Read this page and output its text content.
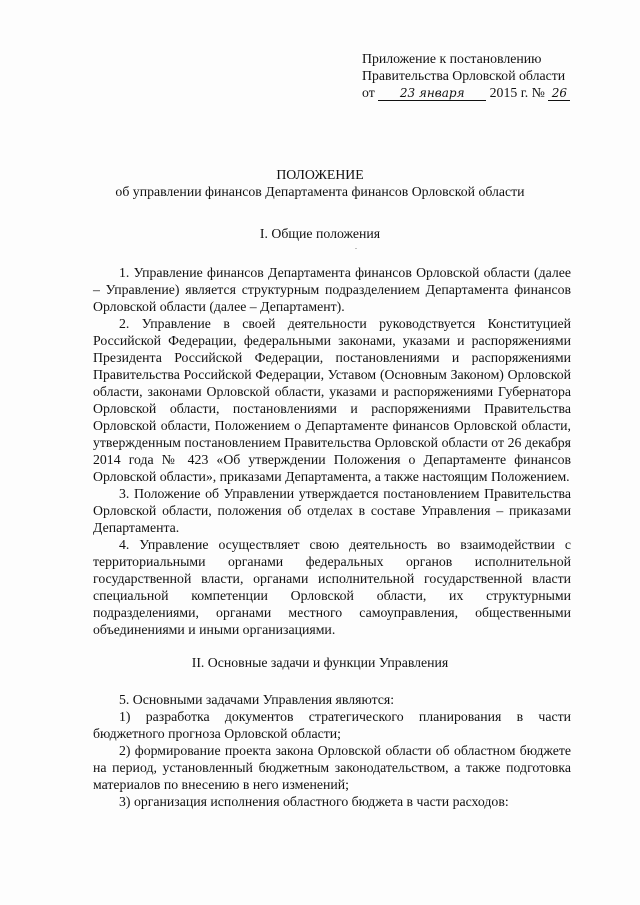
Приложение к постановлению
Правительства Орловской области
от 23 января 2015 г. № 26
ПОЛОЖЕНИЕ
об управлении финансов Департамента финансов Орловской области
I. Общие положения
.

1. Управление финансов Департамента финансов Орловской области (далее – Управление) является структурным подразделением Департамента финансов Орловской области (далее – Департамент).

2. Управление в своей деятельности руководствуется Конституцией Российской Федерации, федеральными законами, указами и распоряжениями Президента Российской Федерации, постановлениями и распоряжениями Правительства Российской Федерации, Уставом (Основным Законом) Орловской области, законами Орловской области, указами и распоряжениями Губернатора Орловской области, постановлениями и распоряжениями Правительства Орловской области, Положением о Департаменте финансов Орловской области, утвержденным постановлением Правительства Орловской области от 26 декабря 2014 года № 423 «Об утверждении Положения о Департаменте финансов Орловской области», приказами Департамента, а также настоящим Положением.

3. Положение об Управлении утверждается постановлением Правительства Орловской области, положения об отделах в составе Управления – приказами Департамента.

4. Управление осуществляет свою деятельность во взаимодействии с территориальными органами федеральных органов исполнительной государственной власти, органами исполнительной государственной власти специальной компетенции Орловской области, их структурными подразделениями, органами местного самоуправления, общественными объединениями и иными организациями.

II. Основные задачи и функции Управления

5. Основными задачами Управления являются:

1) разработка документов стратегического планирования в части бюджетного прогноза Орловской области;

2) формирование проекта закона Орловской области об областном бюджете на период, установленный бюджетным законодательством, а также подготовка материалов по внесению в него изменений;

3) организация исполнения областного бюджета в части расходов:
